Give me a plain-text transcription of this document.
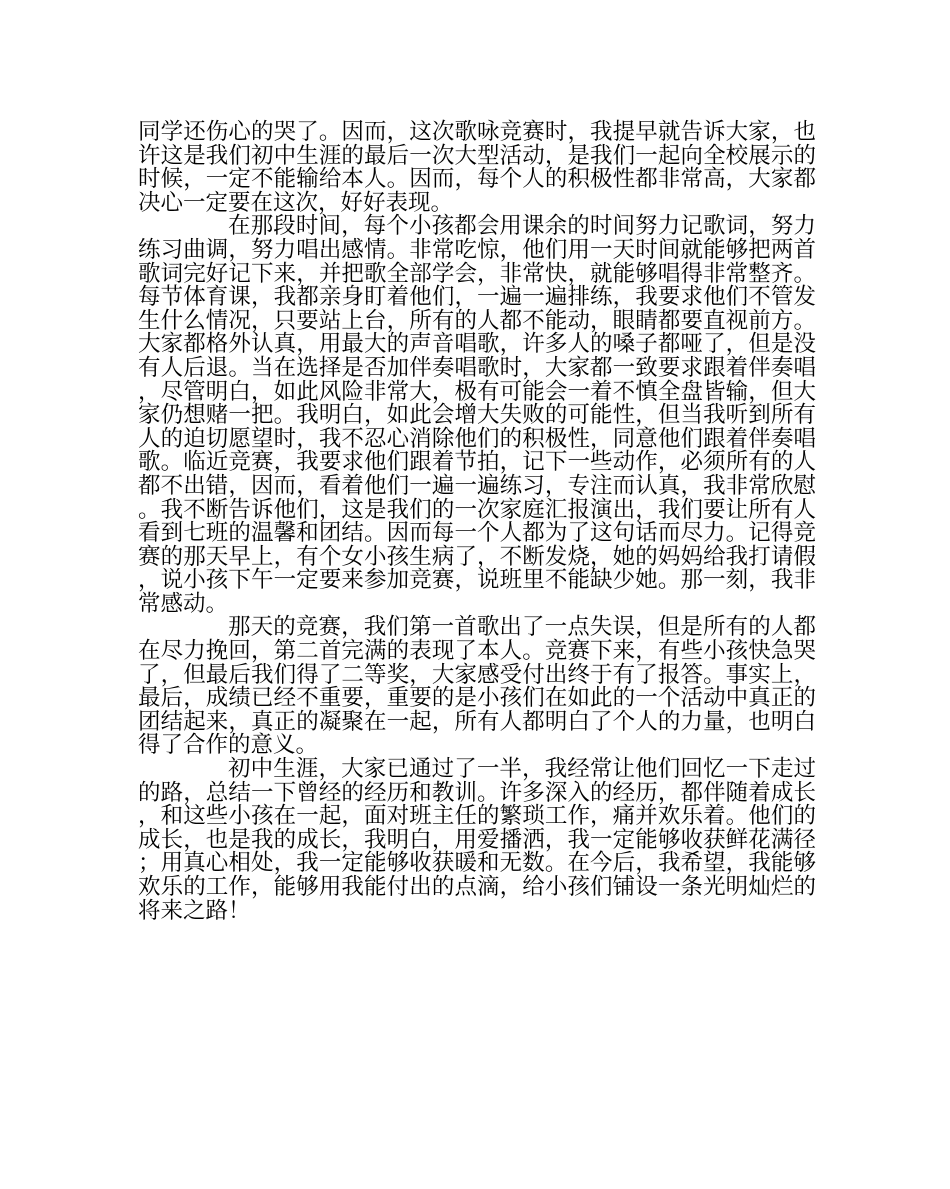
同学还伤心的哭了。因而，这次歌咏竞赛时，我提早就告诉大家，也许这是我们初中生涯的最后一次大型活动，是我们一起向全校展示的时候，一定不能输给本人。因而，每个人的积极性都非常高，大家都决心一定要在这次，好好表现。

在那段时间，每个小孩都会用课余的时间努力记歌词，努力练习曲调，努力唱出感情。非常吃惊，他们用一天时间就能够把两首歌词完好记下来，并把歌全部学会，非常快，就能够唱得非常整齐。每节体育课，我都亲身盯着他们，一遍一遍排练，我要求他们不管发生什么情况，只要站上台，所有的人都不能动，眼睛都要直视前方。大家都格外认真，用最大的声音唱歌，许多人的嗓子都哑了，但是没有人后退。当在选择是否加伴奏唱歌时，大家都一致要求跟着伴奏唱，尽管明白，如此风险非常大，极有可能会一着不慎全盘皆输，但大家仍想赌一把。我明白，如此会增大失败的可能性，但当我听到所有人的迫切愿望时，我不忍心消除他们的积极性，同意他们跟着伴奏唱歌。临近竞赛，我要求他们跟着节拍，记下一些动作，必须所有的人都不出错，因而，看着他们一遍一遍练习，专注而认真，我非常欣慰。我不断告诉他们，这是我们的一次家庭汇报演出，我们要让所有人看到七班的温馨和团结。因而每一个人都为了这句话而尽力。记得竞赛的那天早上，有个女小孩生病了，不断发烧，她的妈妈给我打请假，说小孩下午一定要来参加竞赛，说班里不能缺少她。那一刻，我非常感动。

那天的竞赛，我们第一首歌出了一点失误，但是所有的人都在尽力挽回，第二首完满的表现了本人。竞赛下来，有些小孩快急哭了，但最后我们得了二等奖，大家感受付出终于有了报答。事实上，最后，成绩已经不重要，重要的是小孩们在如此的一个活动中真正的团结起来，真正的凝聚在一起，所有人都明白了个人的力量，也明白得了合作的意义。

初中生涯，大家已通过了一半，我经常让他们回忆一下走过的路，总结一下曾经的经历和教训。许多深入的经历，都伴随着成长，和这些小孩在一起，面对班主任的繁琐工作，痛并欢乐着。他们的成长，也是我的成长，我明白，用爱播洒，我一定能够收获鲜花满径；用真心相处，我一定能够收获暖和无数。在今后，我希望，我能够欢乐的工作，能够用我能付出的点滴，给小孩们铺设一条光明灿烂的将来之路！
